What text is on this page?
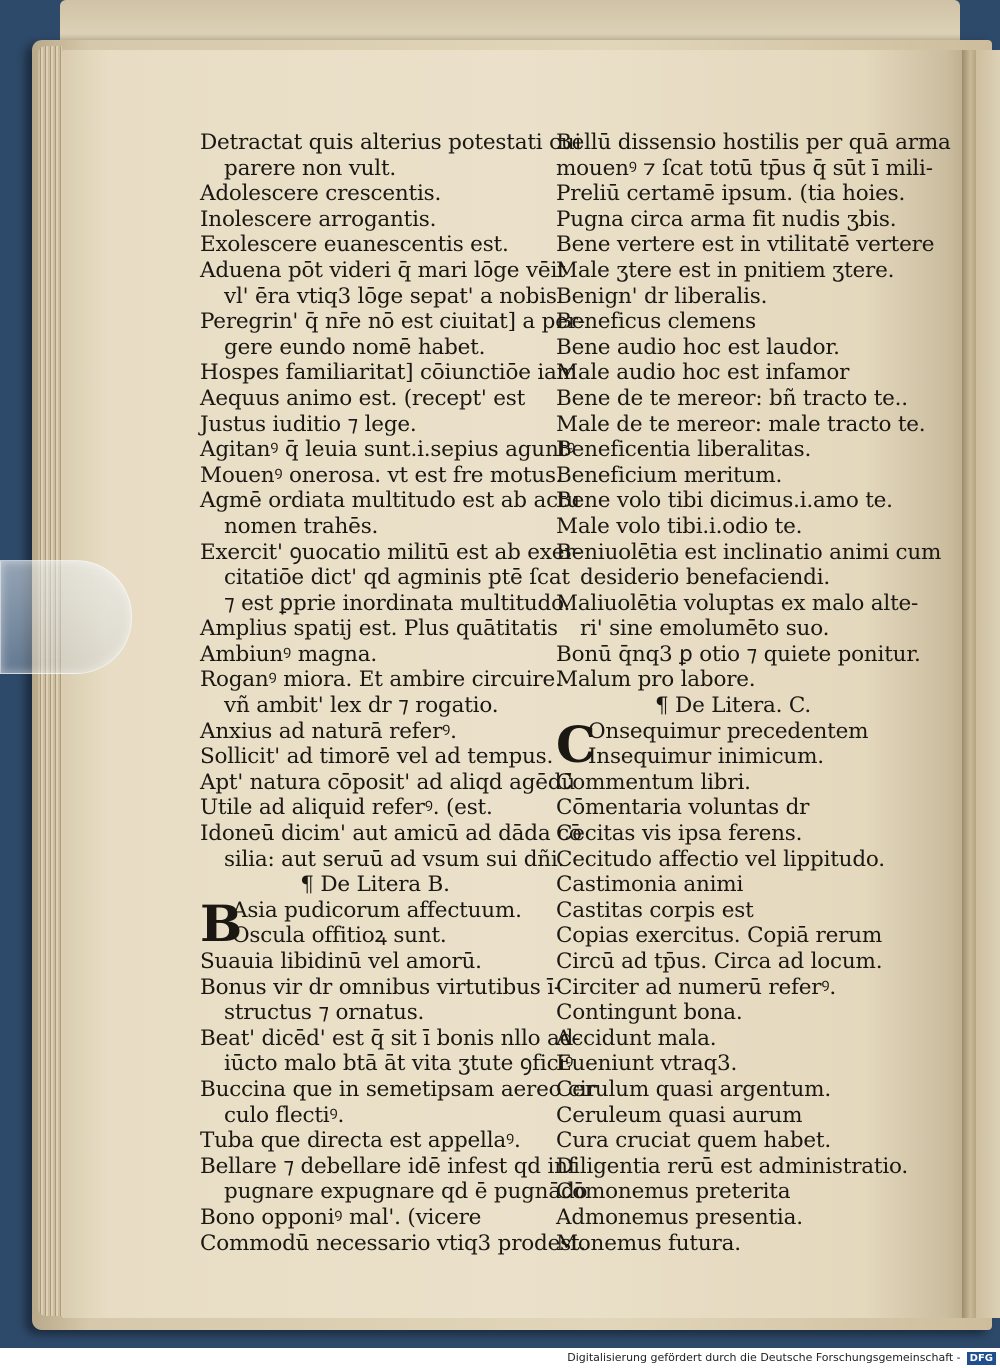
Detractat quis alterius potestati cui
parere non vult.
Adolescere crescentis.
Inolescere arrogantis.
Exolescere euanescentis est.
Aduena pōt videri q̄ mari lōge vēit
vl' ēra vtiq3 lōge sepat' a nobis.
Peregrin' q̄ nr̄e nō est ciuitat] a per-
gere eundo nomē habet.
Hospes familiaritat] cōiunctiōe iam
Aequus animo est. (recept' est
Justus iuditio ⁊ lege.
Agitanꝰ q̄ leuia sunt.i.sepius aguntꝰ
Mouenꝰ onerosa. vt est fre motus.
Agmē ordiata multitudo est ab actu
nomen trahēs.
Exercit' ꝯuocatio militū est ab exer-
citatiōe dict' qd agminis ptē ſcat
⁊ est ꝑprie inordinata multitudo.
Amplius spatij est. Plus quātitatis
Ambiunꝰ magna.
Roganꝰ miora. Et ambire circuire.
vñ ambit' lex dr ⁊ rogatio.
Anxius ad naturā referꝰ.
Sollicit' ad timorē vel ad tempus.
Apt' natura cōposit' ad aliqd agēdū
Utile ad aliquid referꝰ. (est.
Idoneū dicim' aut amicū ad dāda cō
silia: aut seruū ad vsum sui dñi.
¶ De Litera B.
B
Asia pudicorum affectuum.
Oscula offitioꝝ sunt.
Suauia libidinū vel amorū.
Bonus vir dr omnibus virtutibus ī-
structus ⁊ ornatus.
Beat' dicēd' est q̄ sit ī bonis nllo ad-
iūcto malo btā āt vita ʒtute ꝯficiꝰ
Buccina que in semetipsam aereo cir
culo flectiꝰ.
Tuba que directa est appellaꝰ.
Bellare ⁊ debellare idē infest qd inf
pugnare expugnare qd ē pugnādo
Bono opponiꝰ mal'. (vicere
Commodū necessario vtiq3 prodest.
Bellū dissensio hostilis per quā arma
mouenꝰ ⁊ ſcat totū tp̄us q̄ sūt ī mili-
Preliū certamē ipsum. (tia hoies.
Pugna circa arma fit nudis ʒbis.
Bene vertere est in vtilitatē vertere
Male ʒtere est in pnitiem ʒtere.
Benign' dr liberalis.
Beneficus clemens
Bene audio hoc est laudor.
Male audio hoc est infamor
Bene de te mereor: bñ tracto te..
Male de te mereor: male tracto te.
Beneficentia liberalitas.
Beneficium meritum.
Bene volo tibi dicimus.i.amo te.
Male volo tibi.i.odio te.
Beniuolētia est inclinatio animi cum
desiderio benefaciendi.
Maliuolētia voluptas ex malo alte-
ri' sine emolumēto suo.
Bonū q̄nq3 ꝑ otio ⁊ quiete ponitur.
Malum pro labore.
¶ De Litera. C.
C
Onsequimur precedentem
Insequimur inimicum.
Commentum libri.
Cōmentaria voluntas dr
Cecitas vis ipsa ferens.
Cecitudo affectio vel lippitudo.
Castimonia animi
Castitas corpis est
Copias exercitus. Copiā rerum
Circū ad tp̄us. Circa ad locum.
Circiter ad numerū referꝰ.
Contingunt bona.
Accidunt mala.
Eueniunt vtraq3.
Cerulum quasi argentum.
Ceruleum quasi aurum
Cura cruciat quem habet.
Diligentia rerū est administratio.
Cōmonemus preterita
Admonemus presentia.
Monemus futura.
Digitalisierung gefördert durch die Deutsche Forschungsgemeinschaft - DFG
